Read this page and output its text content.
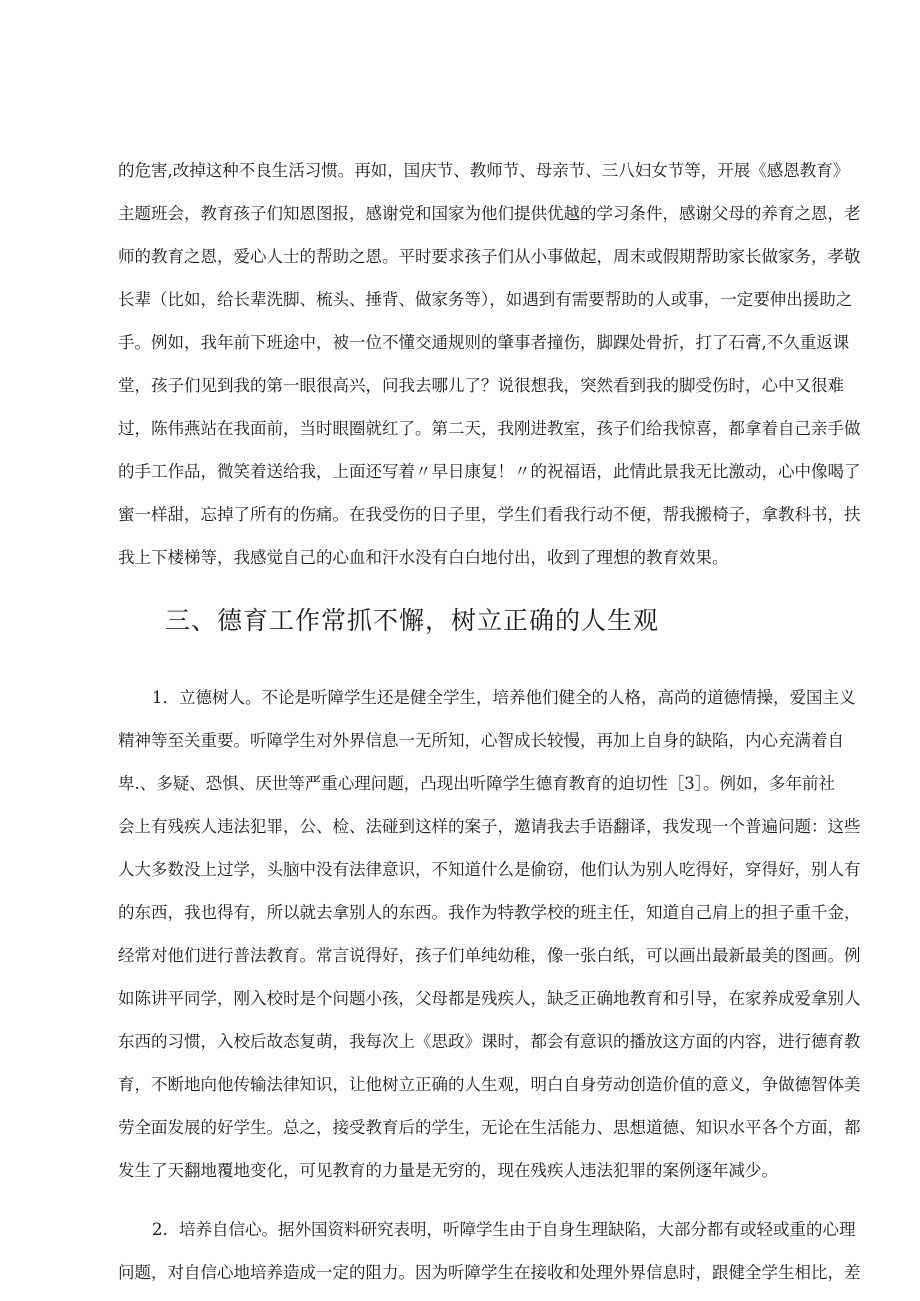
的危害,改掉这种不良生活习惯。再如，国庆节、教师节、母亲节、三八妇女节等，开展《感恩教育》
主题班会，教育孩子们知恩图报，感谢党和国家为他们提供优越的学习条件，感谢父母的养育之恩，老
师的教育之恩，爱心人士的帮助之恩。平时要求孩子们从小事做起，周末或假期帮助家长做家务，孝敬
长辈（比如，给长辈洗脚、梳头、捶背、做家务等），如遇到有需要帮助的人或事，一定要伸出援助之
手。例如，我年前下班途中，被一位不懂交通规则的肇事者撞伤，脚踝处骨折，打了石膏,不久重返课
堂，孩子们见到我的第一眼很高兴，问我去哪儿了？说很想我，突然看到我的脚受伤时，心中又很难
过，陈伟燕站在我面前，当时眼圈就红了。第二天，我刚进教室，孩子们给我惊喜，都拿着自己亲手做
的手工作品，微笑着送给我，上面还写着〃早日康复！〃的祝福语，此情此景我无比激动，心中像喝了
蜜一样甜，忘掉了所有的伤痛。在我受伤的日子里，学生们看我行动不便，帮我搬椅子，拿教科书，扶
我上下楼梯等，我感觉自己的心血和汗水没有白白地付出，收到了理想的教育效果。
三、德育工作常抓不懈，树立正确的人生观
1．立德树人。不论是听障学生还是健全学生，培养他们健全的人格，高尚的道德情操，爱国主义
精神等至关重要。听障学生对外界信息一无所知，心智成长较慢，再加上自身的缺陷，内心充满着自
卑.、多疑、恐惧、厌世等严重心理问题，凸现出听障学生德育教育的迫切性［3］。例如，多年前社
会上有残疾人违法犯罪，公、检、法碰到这样的案子，邀请我去手语翻译，我发现一个普遍问题：这些
人大多数没上过学，头脑中没有法律意识，不知道什么是偷窃，他们认为别人吃得好，穿得好，别人有
的东西，我也得有，所以就去拿别人的东西。我作为特教学校的班主任，知道自己肩上的担子重千金，
经常对他们进行普法教育。常言说得好，孩子们单纯幼稚，像一张白纸，可以画出最新最美的图画。例
如陈讲平同学，刚入校时是个问题小孩，父母都是残疾人，缺乏正确地教育和引导，在家养成爱拿别人
东西的习惯，入校后故态复萌，我每次上《思政》课时，都会有意识的播放这方面的内容，进行德育教
育，不断地向他传输法律知识，让他树立正确的人生观，明白自身劳动创造价值的意义，争做德智体美
劳全面发展的好学生。总之，接受教育后的学生，无论在生活能力、思想道德、知识水平各个方面，都
发生了天翻地覆地变化，可见教育的力量是无穷的，现在残疾人违法犯罪的案例逐年减少。
2．培养自信心。据外国资料研究表明，听障学生由于自身生理缺陷，大部分都有或轻或重的心理
问题，对自信心地培养造成一定的阻力。因为听障学生在接收和处理外界信息时，跟健全学生相比，差
